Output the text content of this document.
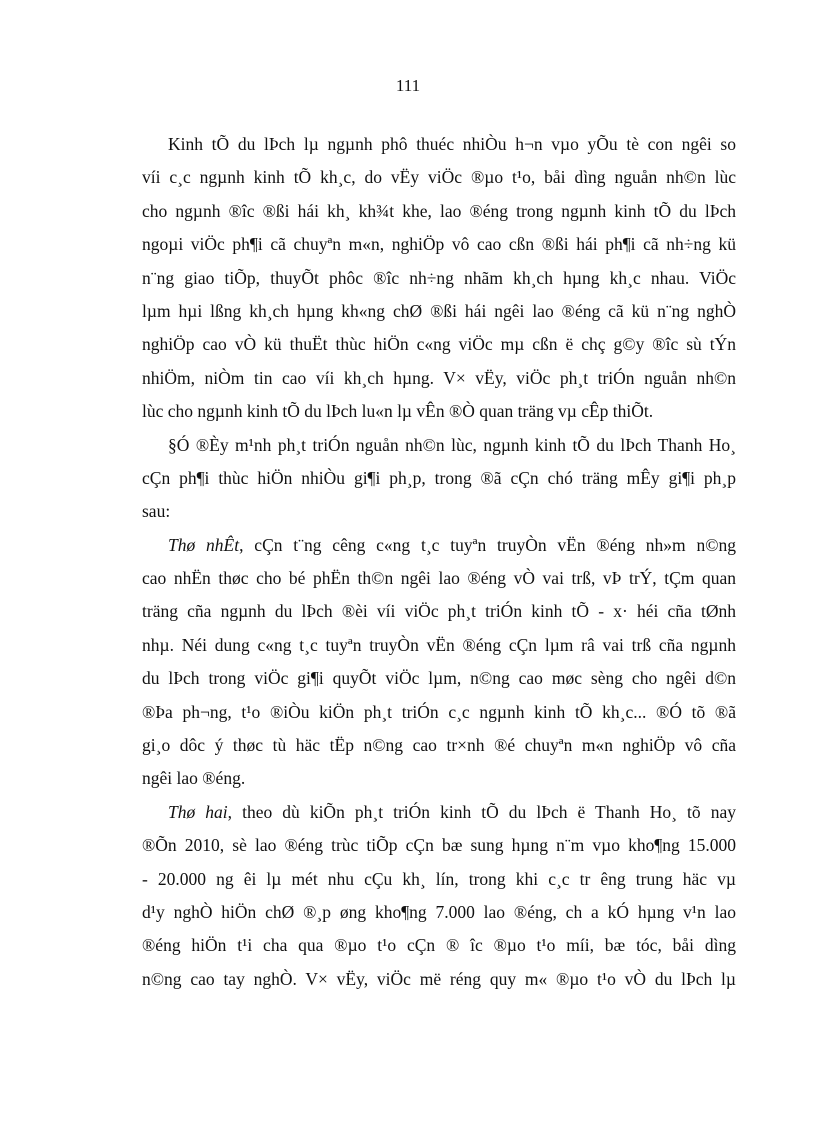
111
Kinh tÕ du lÞch lµ ngµnh phô thuéc nhiÒu h¬n vµo yÕu tè con ngêi so
víi c¸c ngµnh kinh tÕ kh¸c, do vËy viÖc ®µo t¹o, båi dìng nguån nh©n lùc
cho ngµnh ®îc ®ßi hái kh¸ kh¾t khe, lao ®éng trong ngµnh kinh tÕ du lÞch
ngoµi viÖc ph¶i cã chuyªn m«n, nghiÖp vô cao cßn ®ßi hái ph¶i cã nh÷ng kü
n¨ng giao tiÕp, thuyÕt phôc ®îc nh÷ng nhãm kh¸ch hµng kh¸c nhau. ViÖc
lµm hµi lßng kh¸ch hµng kh«ng chØ ®ßi hái ngêi lao ®éng cã kü n¨ng nghÒ
nghiÖp cao vÒ kü thuËt thùc hiÖn c«ng viÖc mµ cßn ë chç g©y ®îc sù tÝn
nhiÖm, niÒm tin cao víi kh¸ch hµng. V× vËy, viÖc ph¸t triÓn nguån nh©n
lùc cho ngµnh kinh tÕ du lÞch lu«n lµ vÊn ®Ò quan träng vµ cÊp thiÕt.
§Ó ®Èy m¹nh ph¸t triÓn nguån nh©n lùc, ngµnh kinh tÕ du lÞch Thanh Ho¸
cÇn ph¶i thùc hiÖn nhiÒu gi¶i ph¸p, trong ®ã cÇn chó träng mÊy gi¶i ph¸p
sau:
Thø nhÊt, cÇn t¨ng cêng c«ng t¸c tuyªn truyÒn vËn ®éng nh»m n©ng
cao nhËn thøc cho bé phËn th©n ngêi lao ®éng vÒ vai trß, vÞ trÝ, tÇm quan
träng cña ngµnh du lÞch ®èi víi viÖc ph¸t triÓn kinh tÕ - x· héi cña tØnh
nhµ. Néi dung c«ng t¸c tuyªn truyÒn vËn ®éng cÇn lµm râ vai trß cña ngµnh
du lÞch trong viÖc gi¶i quyÕt viÖc lµm, n©ng cao møc sèng cho ngêi d©n
®Þa ph¬ng, t¹o ®iÒu kiÖn ph¸t triÓn c¸c ngµnh kinh tÕ kh¸c... ®Ó tõ ®ã
gi¸o dôc ý thøc tù häc tËp n©ng cao tr×nh ®é chuyªn m«n nghiÖp vô cña
ngêi lao ®éng.
Thø hai, theo dù kiÕn ph¸t triÓn kinh tÕ du lÞch ë Thanh Ho¸ tõ nay
®Õn 2010, sè lao ®éng trùc tiÕp cÇn bæ sung hµng n¨m vµo kho¶ng 15.000
- 20.000 ng êi lµ mét nhu cÇu kh¸ lín, trong khi c¸c tr êng trung häc vµ
d¹y nghÒ hiÖn chØ ®¸p øng kho¶ng 7.000 lao ®éng, ch a kÓ hµng v¹n lao
®éng hiÖn t¹i cha qua ®µo t¹o cÇn ® îc ®µo t¹o míi, bæ tóc, båi dìng
n©ng cao tay nghÒ. V× vËy, viÖc më réng quy m« ®µo t¹o vÒ du lÞch lµ
